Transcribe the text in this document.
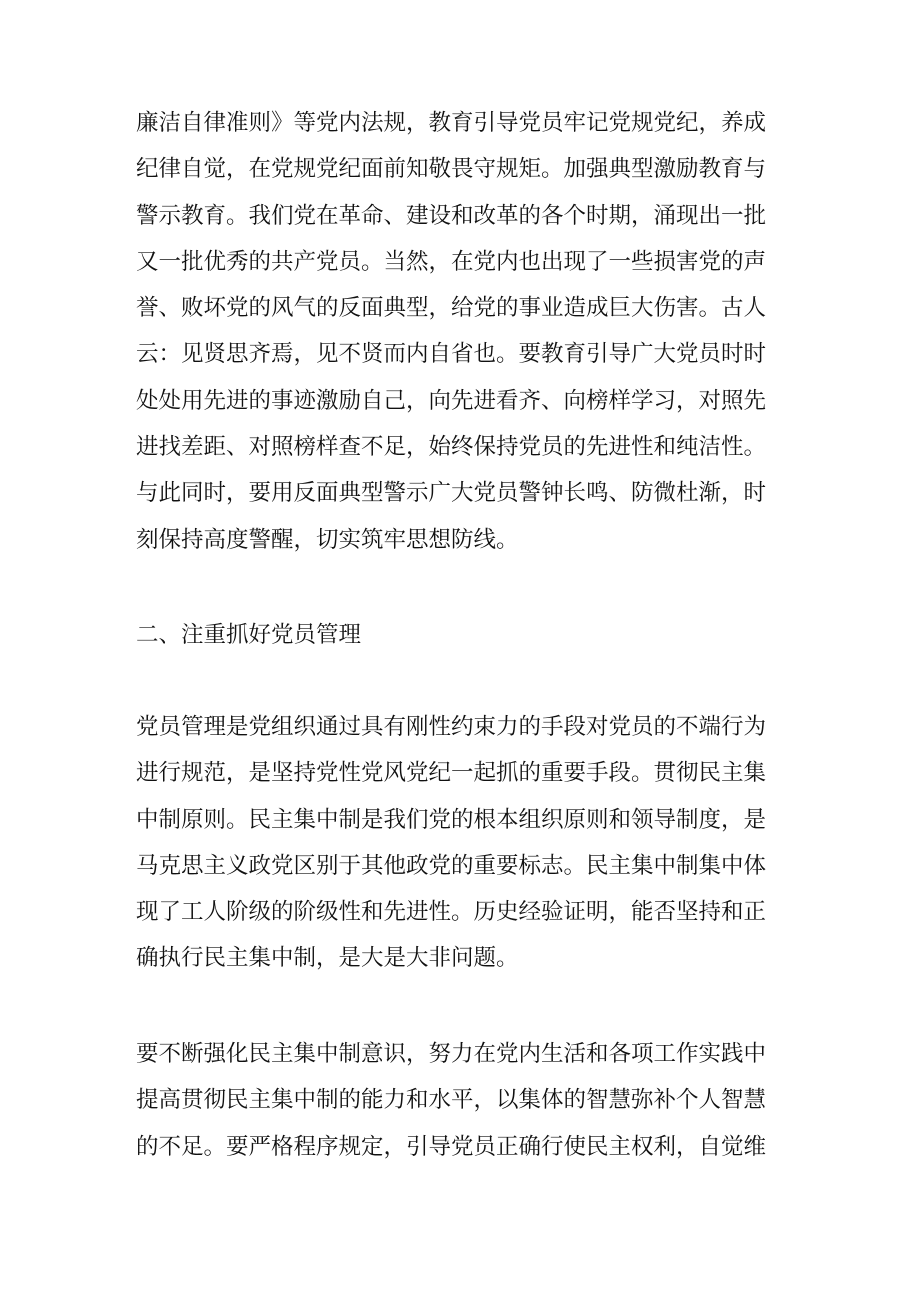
廉洁自律准则》等党内法规，教育引导党员牢记党规党纪，养成
纪律自觉，在党规党纪面前知敬畏守规矩。加强典型激励教育与
警示教育。我们党在革命、建设和改革的各个时期，涌现出一批
又一批优秀的共产党员。当然，在党内也出现了一些损害党的声
誉、败坏党的风气的反面典型，给党的事业造成巨大伤害。古人
云：见贤思齐焉，见不贤而内自省也。要教育引导广大党员时时
处处用先进的事迹激励自己，向先进看齐、向榜样学习，对照先
进找差距、对照榜样查不足，始终保持党员的先进性和纯洁性。
与此同时，要用反面典型警示广大党员警钟长鸣、防微杜渐，时
刻保持高度警醒，切实筑牢思想防线。
二、注重抓好党员管理
党员管理是党组织通过具有刚性约束力的手段对党员的不端行为
进行规范，是坚持党性党风党纪一起抓的重要手段。贯彻民主集
中制原则。民主集中制是我们党的根本组织原则和领导制度，是
马克思主义政党区别于其他政党的重要标志。民主集中制集中体
现了工人阶级的阶级性和先进性。历史经验证明，能否坚持和正
确执行民主集中制，是大是大非问题。
要不断强化民主集中制意识，努力在党内生活和各项工作实践中
提高贯彻民主集中制的能力和水平，以集体的智慧弥补个人智慧
的不足。要严格程序规定，引导党员正确行使民主权利，自觉维
